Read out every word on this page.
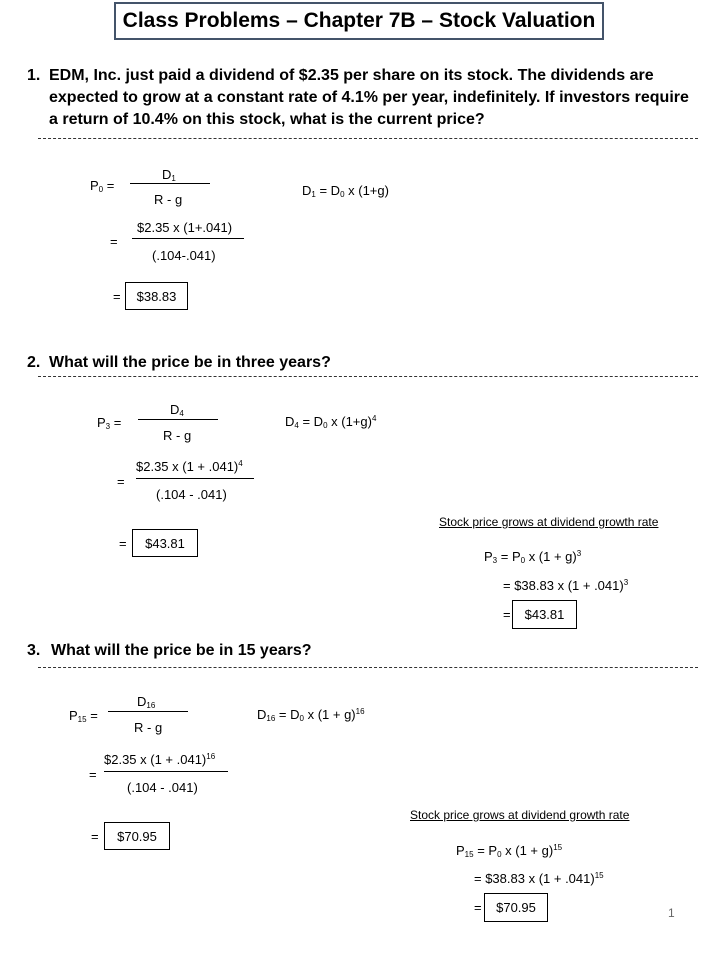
Class Problems – Chapter 7B – Stock Valuation
1. EDM, Inc. just paid a dividend of $2.35 per share on its stock. The dividends are expected to grow at a constant rate of 4.1% per year, indefinitely. If investors require a return of 10.4% on this stock, what is the current price?
$P_0$ =
$D_1$
R - g
$D_1 = D_0$ x (1+g)
=
$2.35 x (1+.041)
(.104-.041)
=	$38.83
2. What will the price be in three years?
$P_3$ =
$D_4$
R - g
$D_4 = D_0$ x $(1+g)^4$
=
$2.35 x $(1 + .041)^4$
(.104 - .041)
Stock price grows at dividend growth rate
=	$43.81
$P_3 = P_0$ x $(1 + g)^3$
= $38.83 x $(1 + .041)^3$
=	$43.81
3. What will the price be in 15 years?
$P_{15}$ =
$D_{16}$
R - g
$D_{16} = D_0$ x $(1 + g)^{16}$
=
$2.35 x $(1 + .041)^{16}$
(.104 - .041)
Stock price grows at dividend growth rate
=	$70.95
$P_{15} = P_0$ x $(1 + g)^{15}$
= $38.83 x $(1 + .041)^{15}$
=	$70.95	1
